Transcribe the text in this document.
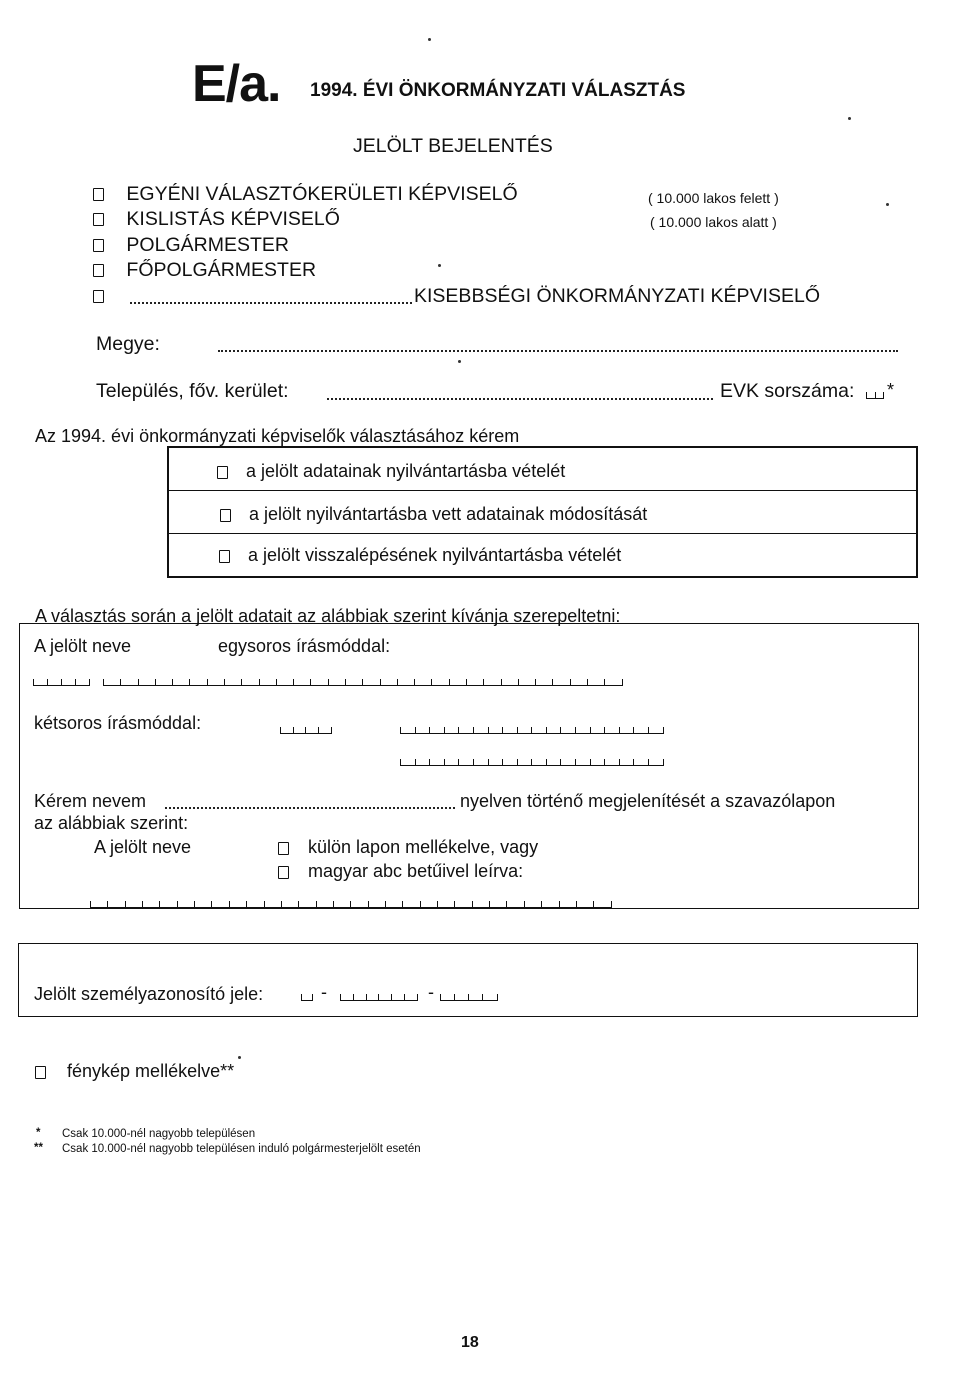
E/a. 1994. ÉVI ÖNKORMÁNYZATI VÁLASZTÁS
JELÖLT BEJELENTÉS
EGYÉNI VÁLASZTÓKERÜLETI KÉPVISELŐ	( 10.000 lakos felett )
KISLISTÁS KÉPVISELŐ	( 10.000 lakos alatt )
POLGÁRMESTER
FŐPOLGÁRMESTER
KISEBBSÉGI ÖNKORMÁNYZATI KÉPVISELŐ
Megye:
Település, főv. kerület:	EVK sorszáma: *
Az 1994. évi önkormányzati képviselők választásához kérem
a jelölt adatainak nyilvántartásba vételét
a jelölt nyilvántartásba vett adatainak módosítását
a jelölt visszalépésének nyilvántartásba vételét
A választás során a jelölt adatait az alábbiak szerint kívánja szerepeltetni:
A jelölt neve	egysoros írásmóddal:
kétsoros írásmóddal:
Kérem nevem	nyelven történő megjelenítését a szavazólapon
az alábbiak szerint:
A jelölt neve	külön lapon mellékelve, vagy
magyar abc betűivel leírva:
Jelölt személyazonosító jele:	-	-
fénykép mellékelve**
* Csak 10.000-nél nagyobb településen
** Csak 10.000-nél nagyobb településen induló polgármesterjelölt esetén
18
